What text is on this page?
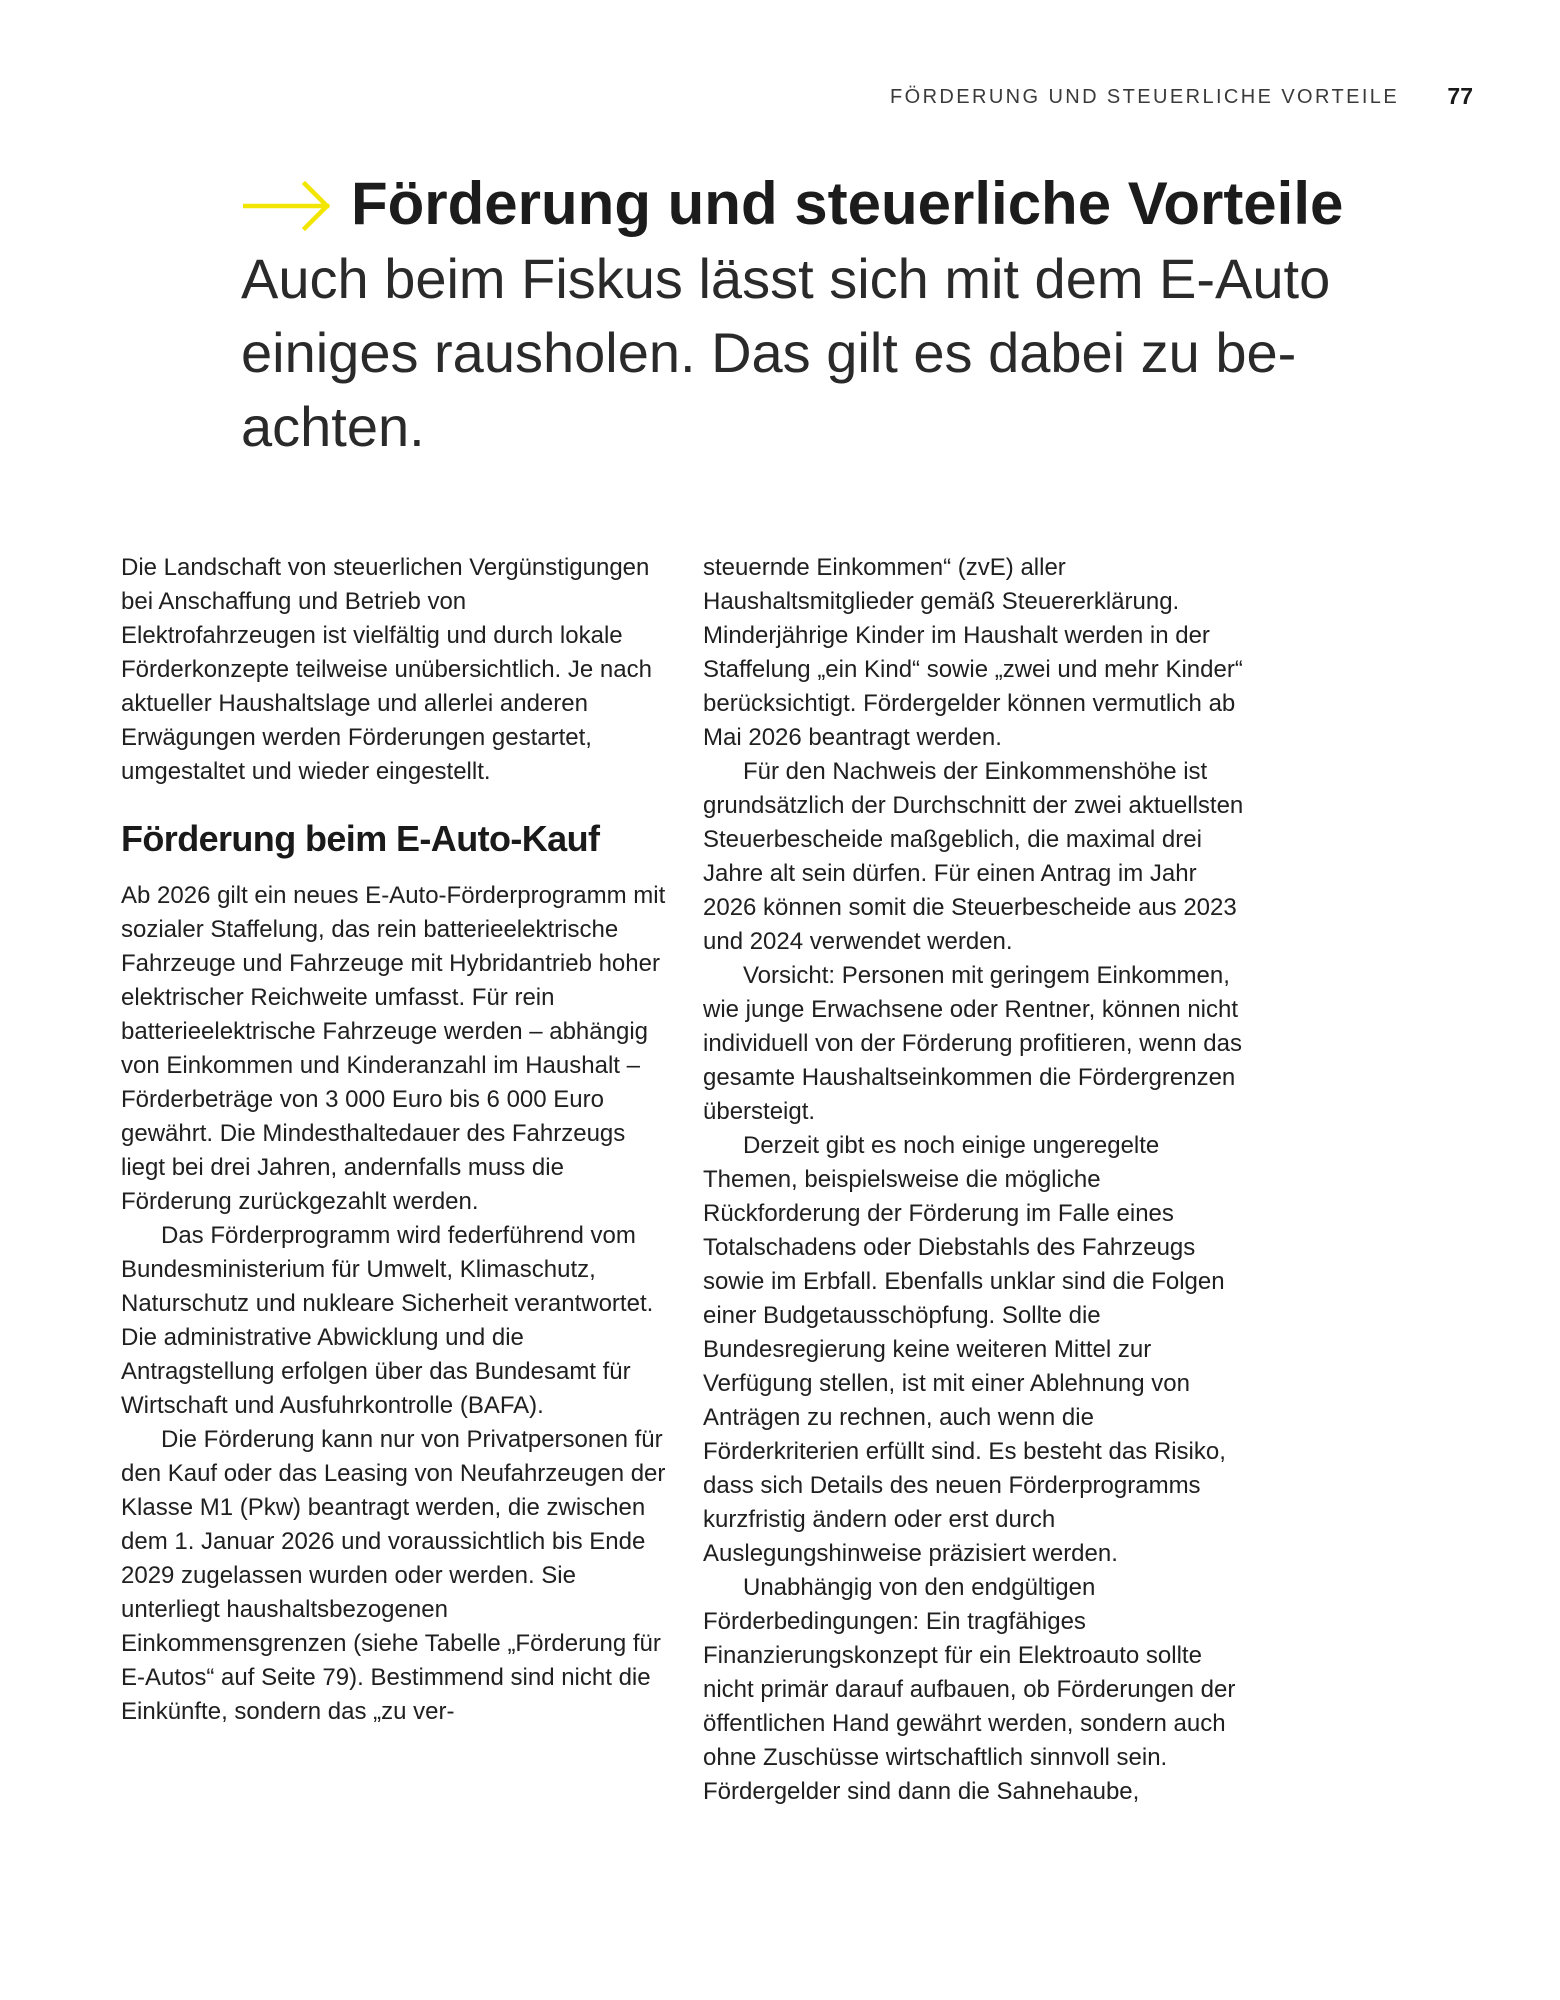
FÖRDERUNG UND STEUERLICHE VORTEILE 77
Förderung und steuerliche Vorteile
Auch beim Fiskus lässt sich mit dem E-Auto einiges rausholen. Das gilt es dabei zu be-achten.

Die Landschaft von steuerlichen Vergünstigungen bei Anschaffung und Betrieb von Elektrofahrzeugen ist vielfältig und durch lokale Förderkonzepte teilweise unübersichtlich. Je nach aktueller Haushaltslage und allerlei anderen Erwägungen werden Förderungen gestartet, umgestaltet und wieder eingestellt.

Förderung beim E-Auto-Kauf

Ab 2026 gilt ein neues E-Auto-Förderprogramm mit sozialer Staffelung, das rein batterieelektrische Fahrzeuge und Fahrzeuge mit Hybridantrieb hoher elektrischer Reichweite umfasst. Für rein batterieelektrische Fahrzeuge werden – abhängig von Einkommen und Kinderanzahl im Haushalt – Förderbeträge von 3 000 Euro bis 6 000 Euro gewährt. Die Mindesthaltedauer des Fahrzeugs liegt bei drei Jahren, andernfalls muss die Förderung zurückgezahlt werden.

Das Förderprogramm wird federführend vom Bundesministerium für Umwelt, Klimaschutz, Naturschutz und nukleare Sicherheit verantwortet. Die administrative Abwicklung und die Antragstellung erfolgen über das Bundesamt für Wirtschaft und Ausfuhrkontrolle (BAFA).

Die Förderung kann nur von Privatpersonen für den Kauf oder das Leasing von Neufahrzeugen der Klasse M1 (Pkw) beantragt werden, die zwischen dem 1. Januar 2026 und voraussichtlich bis Ende 2029 zugelassen wurden oder werden. Sie unterliegt haushaltsbezogenen Einkommensgrenzen (siehe Tabelle „Förderung für E-Autos“ auf Seite 79). Bestimmend sind nicht die Einkünfte, sondern das „zu ver-

steuernde Einkommen“ (zvE) aller Haushaltsmitglieder gemäß Steuererklärung. Minderjährige Kinder im Haushalt werden in der Staffelung „ein Kind“ sowie „zwei und mehr Kinder“ berücksichtigt. Fördergelder können vermutlich ab Mai 2026 beantragt werden.

Für den Nachweis der Einkommenshöhe ist grundsätzlich der Durchschnitt der zwei aktuellsten Steuerbescheide maßgeblich, die maximal drei Jahre alt sein dürfen. Für einen Antrag im Jahr 2026 können somit die Steuerbescheide aus 2023 und 2024 verwendet werden.

Vorsicht: Personen mit geringem Einkommen, wie junge Erwachsene oder Rentner, können nicht individuell von der Förderung profitieren, wenn das gesamte Haushaltseinkommen die Fördergrenzen übersteigt.

Derzeit gibt es noch einige ungeregelte Themen, beispielsweise die mögliche Rückforderung der Förderung im Falle eines Totalschadens oder Diebstahls des Fahrzeugs sowie im Erbfall. Ebenfalls unklar sind die Folgen einer Budgetausschöpfung. Sollte die Bundesregierung keine weiteren Mittel zur Verfügung stellen, ist mit einer Ablehnung von Anträgen zu rechnen, auch wenn die Förderkriterien erfüllt sind. Es besteht das Risiko, dass sich Details des neuen Förderprogramms kurzfristig ändern oder erst durch Auslegungshinweise präzisiert werden.

Unabhängig von den endgültigen Förderbedingungen: Ein tragfähiges Finanzierungskonzept für ein Elektroauto sollte nicht primär darauf aufbauen, ob Förderungen der öffentlichen Hand gewährt werden, sondern auch ohne Zuschüsse wirtschaftlich sinnvoll sein. Fördergelder sind dann die Sahnehaube,
